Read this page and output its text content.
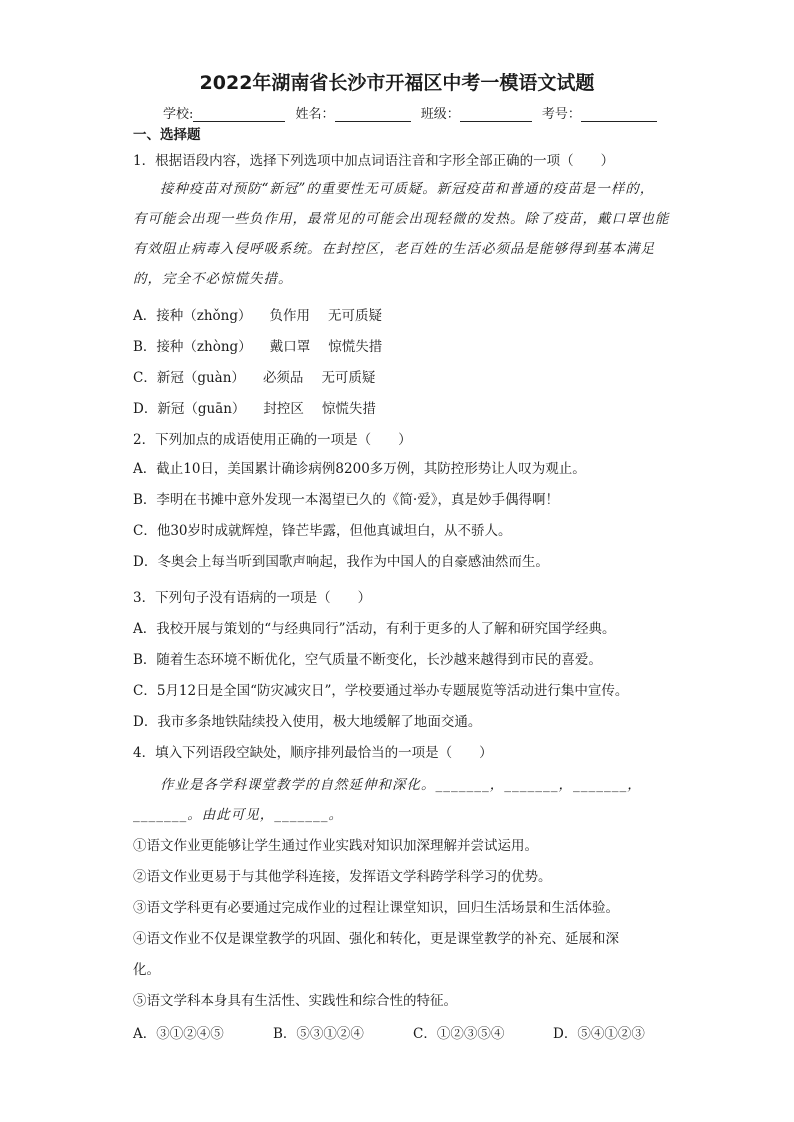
2022年湖南省长沙市开福区中考一模语文试题
学校:	姓名：	班级：	考号：
一、选择题
1．根据语段内容，选择下列选项中加点词语注音和字形全部正确的一项（　　）
接种疫苗对预防“新冠”的重要性无可质疑。新冠疫苗和普通的疫苗是一样的，
有可能会出现一些负作用，最常见的可能会出现轻微的发热。除了疫苗，戴口罩也能
有效阻止病毒入侵呼吸系统。在封控区，老百姓的生活必须品是能够得到基本满足
的，完全不必惊慌失措。
A．接种（zhǒng） 负作用 无可质疑
B．接种（zhòng） 戴口罩 惊慌失措
C．新冠（guàn） 必须品 无可质疑
D．新冠（guān） 封控区 惊慌失措
2．下列加点的成语使用正确的一项是（　　）
A．截止10日，美国累计确诊病例8200多万例，其防控形势让人叹为观止。
B．李明在书摊中意外发现一本渴望已久的《简·爱》，真是妙手偶得啊！
C．他30岁时成就辉煌，锋芒毕露，但他真诚坦白，从不骄人。
D．冬奥会上每当听到国歌声响起，我作为中国人的自豪感油然而生。
3．下列句子没有语病的一项是（　　）
A．我校开展与策划的“与经典同行”活动，有利于更多的人了解和研究国学经典。
B．随着生态环境不断优化，空气质量不断变化，长沙越来越得到市民的喜爱。
C．5月12日是全国“防灾减灾日”，学校要通过举办专题展览等活动进行集中宣传。
D．我市多条地铁陆续投入使用，极大地缓解了地面交通。
4．填入下列语段空缺处，顺序排列最恰当的一项是（　　）
作业是各学科课堂教学的自然延伸和深化。_______，_______，_______，
_______。由此可见，_______。
①语文作业更能够让学生通过作业实践对知识加深理解并尝试运用。
②语文作业更易于与其他学科连接，发挥语文学科跨学科学习的优势。
③语文学科更有必要通过完成作业的过程让课堂知识，回归生活场景和生活体验。
④语文作业不仅是课堂教学的巩固、强化和转化，更是课堂教学的补充、延展和深
化。
⑤语文学科本身具有生活性、实践性和综合性的特征。
A．③①②④⑤	B．⑤③①②④	C．①②③⑤④	D．⑤④①②③
